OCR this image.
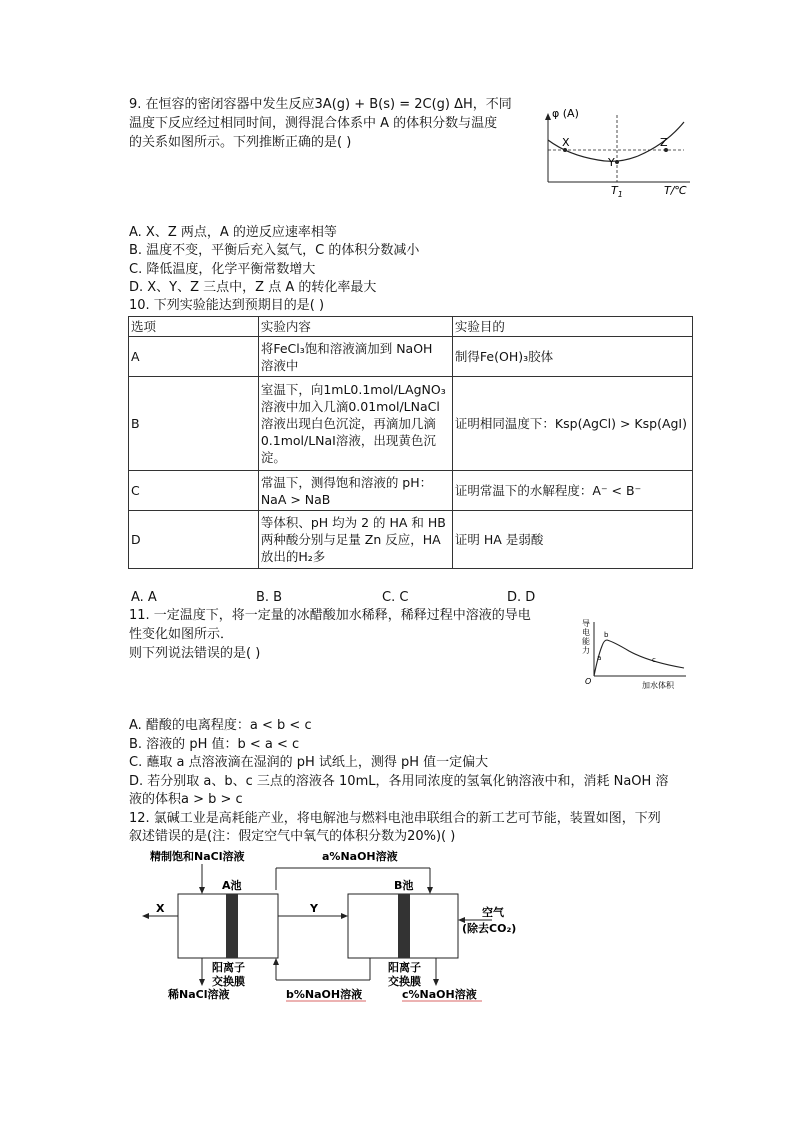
9. 在恒容的密闭容器中发生反应3A(g) + B(s) = 2C(g) ΔH，不同
温度下反应经过相同时间，测得混合体系中 A 的体积分数与温度
的关系如图所示。下列推断正确的是( )
φ (A)
X
Y
Z
$T_1$	T/℃
A. X、Z 两点，A 的逆反应速率相等
B. 温度不变，平衡后充入氦气，C 的体积分数减小
C. 降低温度，化学平衡常数增大
D. X、Y、Z 三点中，Z 点 A 的转化率最大
10. 下列实验能达到预期目的是( )
选项	实验内容	实验目的
A	将FeCl₃饱和溶液滴加到 NaOH
溶液中	制得Fe(OH)₃胶体
B	室温下，向1mL0.1mol/LAgNO₃
溶液中加入几滴0.01mol/LNaCl
溶液出现白色沉淀，再滴加几滴
0.1mol/LNaI溶液，出现黄色沉
淀。	证明相同温度下：Ksp(AgCl) > Ksp(AgI)
C	常温下，测得饱和溶液的 pH：
NaA > NaB	证明常温下的水解程度：A⁻ < B⁻
D	等体积、pH 均为 2 的 HA 和 HB
两种酸分别与足量 Zn 反应，HA
放出的H₂多	证明 HA 是弱酸
A. A	B. B	C. C	D. D
11. 一定温度下，将一定量的冰醋酸加水稀释，稀释过程中溶液的导电
性变化如图所示．
则下列说法错误的是( )
导
电
能
力
O
a
b
c
加水体积
A. 醋酸的电离程度：a < b < c
B. 溶液的 pH 值：b < a < c
C. 蘸取 a 点溶液滴在湿润的 pH 试纸上，测得 pH 值一定偏大
D. 若分别取 a、b、c 三点的溶液各 10mL，各用同浓度的氢氧化钠溶液中和，消耗 NaOH 溶
液的体积a > b > c
12. 氯碱工业是高耗能产业，将电解池与燃料电池串联组合的新工艺可节能，装置如图，下列
叙述错误的是(注：假定空气中氧气的体积分数为20%)( )
精制饱和NaCl溶液	a%NaOH溶液
A池	B池
X	Y	空气
(除去CO₂)
阳离子
交换膜
阳离子
交换膜
稀NaCl溶液	b%NaOH溶液	c%NaOH溶液
